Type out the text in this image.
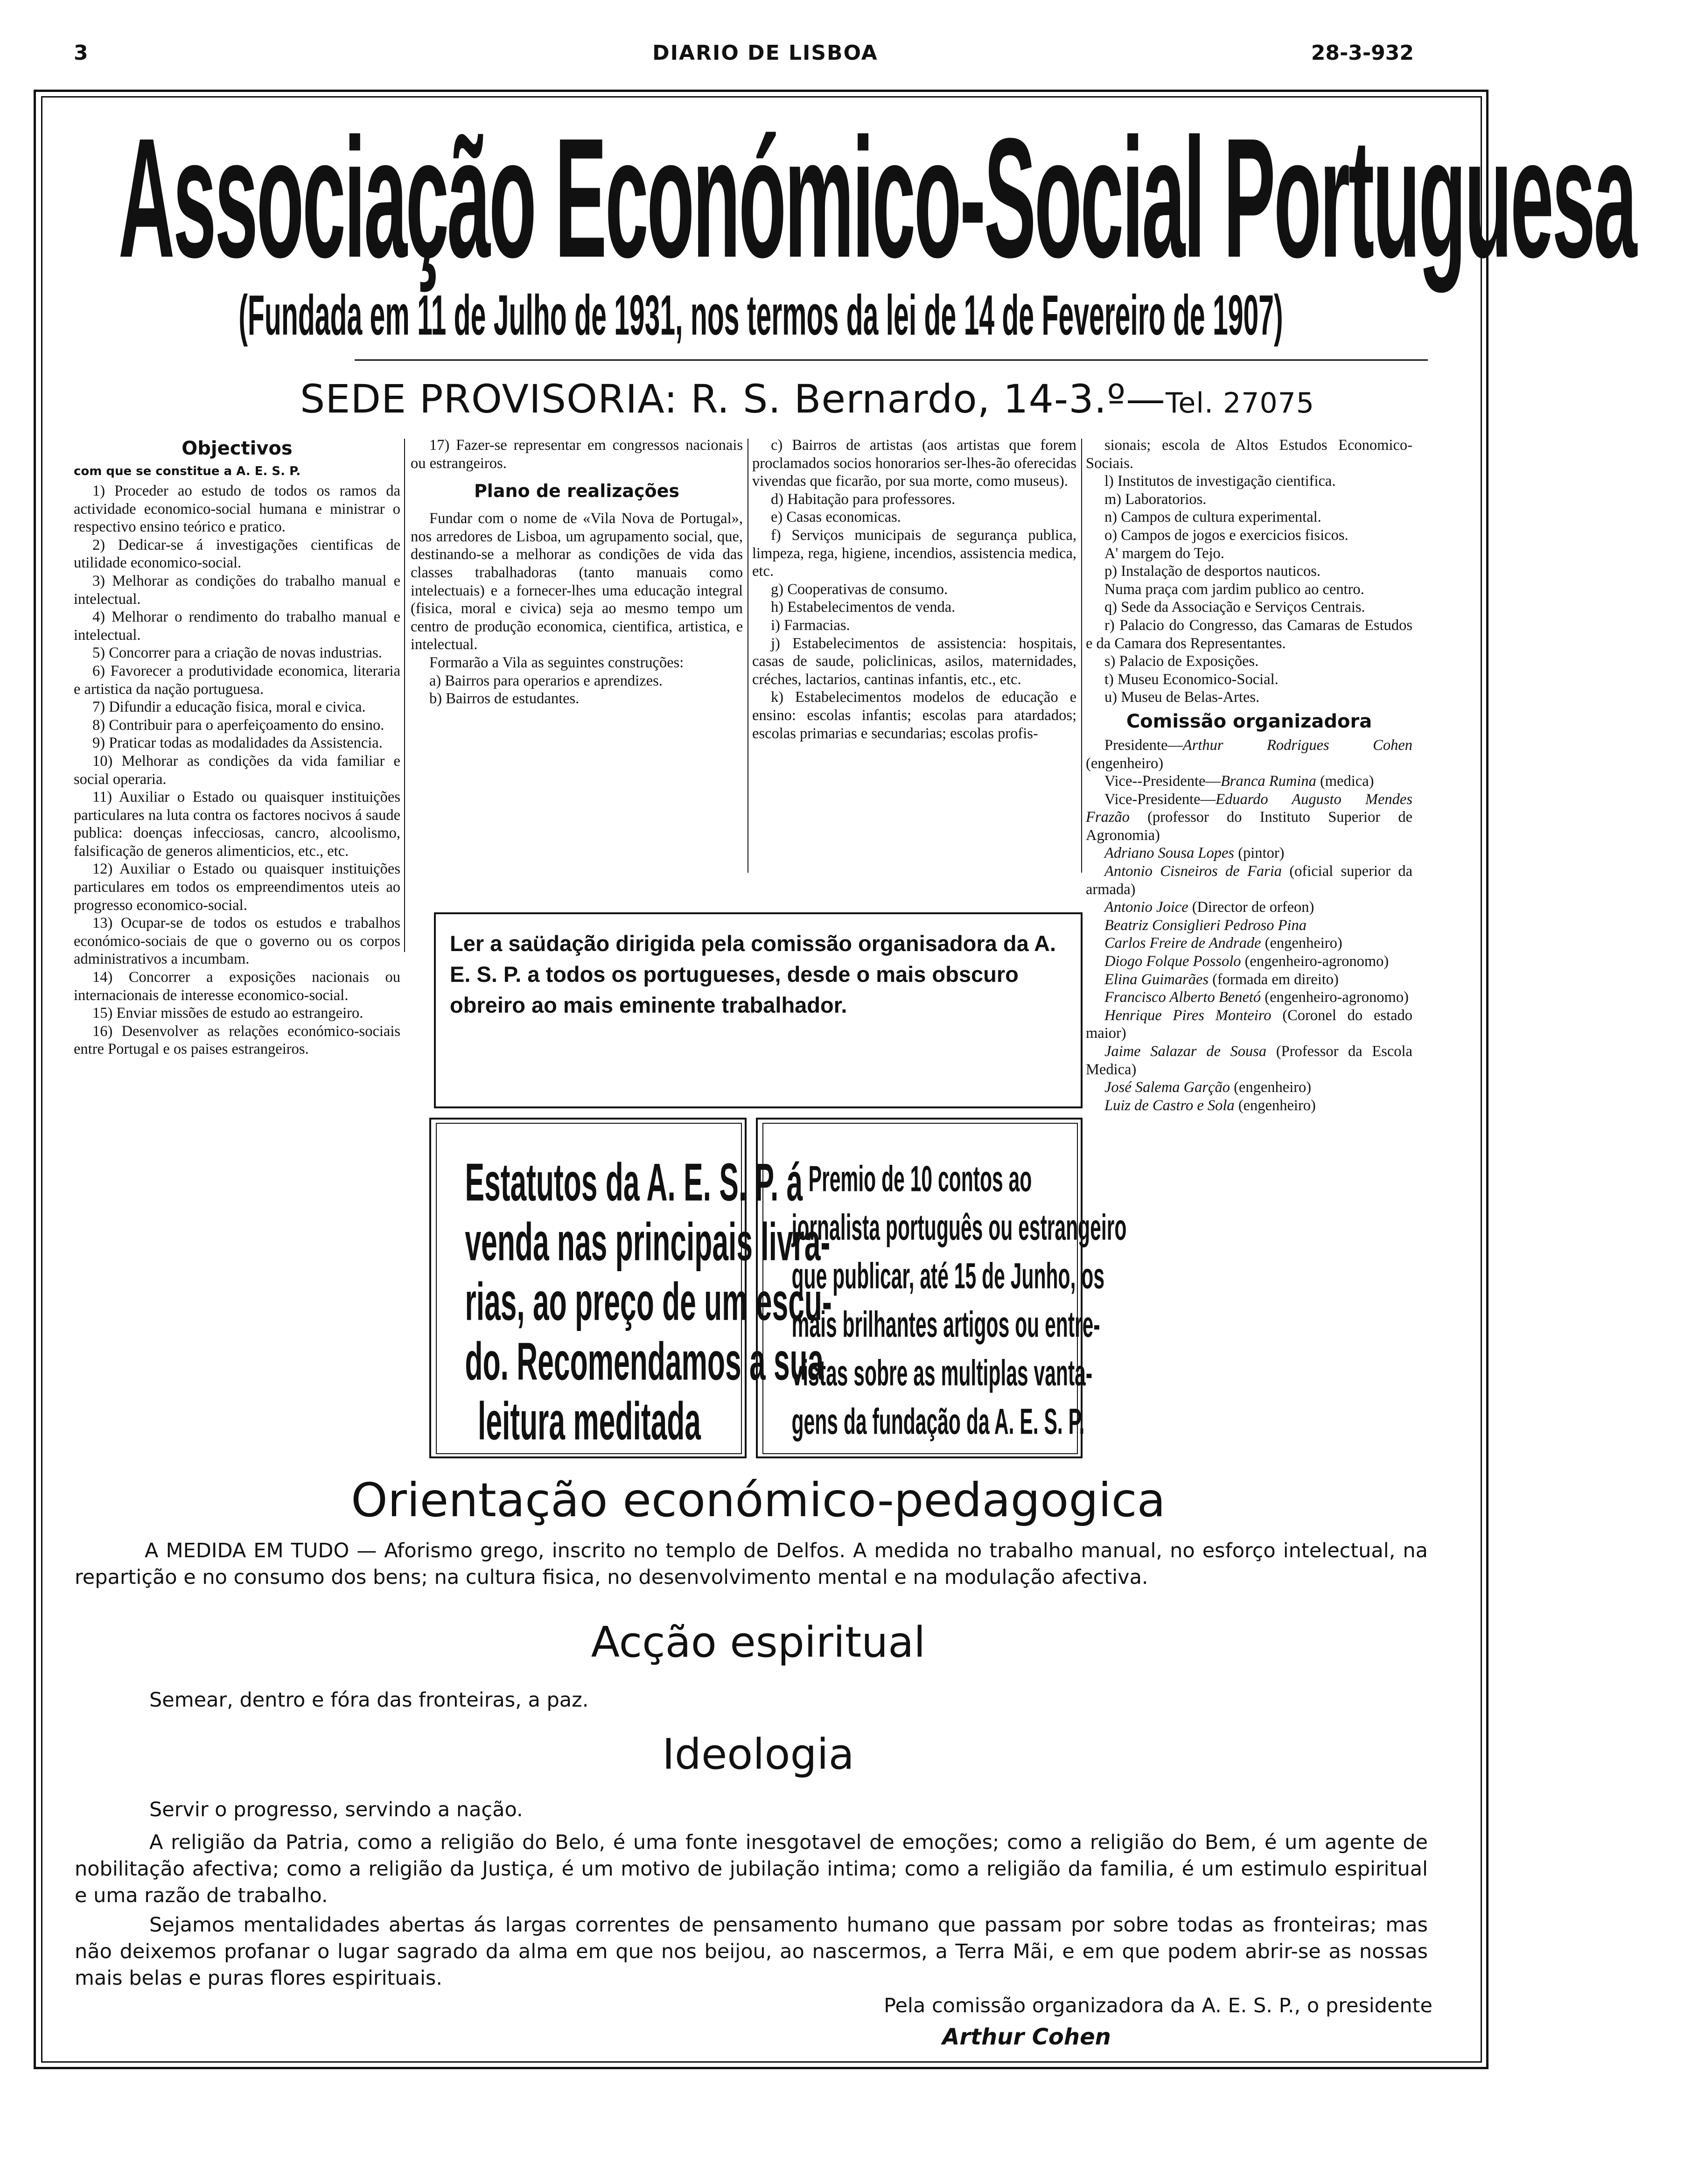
3	DIARIO DE LISBOA	28-3-932
Associação Económico-Social Portuguesa
(Fundada em 11 de Julho de 1931, nos termos da lei de 14 de Fevereiro de 1907)
SEDE PROVISORIA: R. S. Bernardo, 14-3.º—Tel. 27075

Objectivos

com que se constitue a A. E. S. P.

1) Proceder ao estudo de todos os ramos da actividade economico-social humana e ministrar o respectivo ensino teórico e pratico.

2) Dedicar-se á investigações cientificas de utilidade economico-social.

3) Melhorar as condições do trabalho manual e intelectual.

4) Melhorar o rendimento do trabalho manual e intelectual.

5) Concorrer para a criação de novas industrias.

6) Favorecer a produtividade economica, literaria e artistica da nação portuguesa.

7) Difundir a educação fisica, moral e civica.

8) Contribuir para o aperfeiçoamento do ensino.

9) Praticar todas as modalidades da Assistencia.

10) Melhorar as condições da vida familiar e social operaria.

11) Auxiliar o Estado ou quaisquer instituições particulares na luta contra os factores nocivos á saude publica: doenças infecciosas, cancro, alcoolismo, falsificação de generos alimenticios, etc., etc.

12) Auxiliar o Estado ou quaisquer instituições particulares em todos os empreendimentos uteis ao progresso economico-social.

13) Ocupar-se de todos os estudos e trabalhos económico-sociais de que o governo ou os corpos administrativos a incumbam.

14) Concorrer a exposições nacionais ou internacionais de interesse economico-social.

15) Enviar missões de estudo ao estrangeiro.

16) Desenvolver as relações económico-sociais entre Portugal e os paises estrangeiros.

17) Fazer-se representar em congressos nacionais ou estrangeiros.

Plano de realizações

Fundar com o nome de «Vila Nova de Portugal», nos arredores de Lisboa, um agrupamento social, que, destinando-se a melhorar as condições de vida das classes trabalhadoras (tanto manuais como intelectuais) e a fornecer-lhes uma educação integral (fisica, moral e civica) seja ao mesmo tempo um centro de produção economica, cientifica, artistica, e intelectual.

Formarão a Vila as seguintes construções:

a) Bairros para operarios e aprendizes.

b) Bairros de estudantes.

c) Bairros de artistas (aos artistas que forem proclamados socios honorarios ser-lhes-ão oferecidas vivendas que ficarão, por sua morte, como museus).

d) Habitação para professores.

e) Casas economicas.

f) Serviços municipais de segurança publica, limpeza, rega, higiene, incendios, assistencia medica, etc.

g) Cooperativas de consumo.

h) Estabelecimentos de venda.

i) Farmacias.

j) Estabelecimentos de assistencia: hospitais, casas de saude, policlinicas, asilos, maternidades, créches, lactarios, cantinas infantis, etc., etc.

k) Estabelecimentos modelos de educação e ensino: escolas infantis; escolas para atardados; escolas primarias e secundarias; escolas profis-

sionais; escola de Altos Estudos Economico-Sociais.

l) Institutos de investigação cientifica.

m) Laboratorios.

n) Campos de cultura experimental.

o) Campos de jogos e exercicios fisicos.

A' margem do Tejo.

p) Instalação de desportos nauticos.

Numa praça com jardim publico ao centro.

q) Sede da Associação e Serviços Centrais.

r) Palacio do Congresso, das Camaras de Estudos e da Camara dos Representantes.

s) Palacio de Exposições.

t) Museu Economico-Social.

u) Museu de Belas-Artes.

Comissão organizadora

Presidente—Arthur Rodrigues Cohen (engenheiro)

Vice--Presidente—Branca Rumina (medica)

Vice-Presidente—Eduardo Augusto Mendes Frazão (professor do Instituto Superior de Agronomia)

Adriano Sousa Lopes (pintor)

Antonio Cisneiros de Faria (oficial superior da armada)

Antonio Joice (Director de orfeon)

Beatriz Consiglieri Pedroso Pina

Carlos Freire de Andrade (engenheiro)

Diogo Folque Possolo (engenheiro-agronomo)

Elina Guimarães (formada em direito)

Francisco Alberto Benetó (engenheiro-agronomo)

Henrique Pires Monteiro (Coronel do estado maior)

Jaime Salazar de Sousa (Professor da Escola Medica)

José Salema Garção (engenheiro)

Luiz de Castro e Sola (engenheiro)

Ler a saüdação dirigida pela comissão organisadora da A. E. S. P. a todos os portugueses, desde o mais obscuro obreiro ao mais eminente trabalhador.
Estatutos da A. E. S. P. á
venda nas principais livra-
rias, ao preço de um escu-
do. Recomendamos a sua
leitura meditada
Premio de 10 contos ao
jornalista português ou estrangeiro
que publicar, até 15 de Junho, os
mais brilhantes artigos ou entre-
vistas sobre as multiplas vanta-
gens da fundação da A. E. S. P.
Orientação económico-pedagogica
A MEDIDA EM TUDO — Aforismo grego, inscrito no templo de Delfos. A medida no trabalho manual, no esforço intelectual, na repartição e no consumo dos bens; na cultura fisica, no desenvolvimento mental e na modulação afectiva.
Acção espiritual
Semear, dentro e fóra das fronteiras, a paz.
Ideologia
Servir o progresso, servindo a nação.
A religião da Patria, como a religião do Belo, é uma fonte inesgotavel de emoções; como a religião do Bem, é um agente de nobilitação afectiva; como a religião da Justiça, é um motivo de jubilação intima; como a religião da familia, é um estimulo espiritual e uma razão de trabalho.
Sejamos mentalidades abertas ás largas correntes de pensamento humano que passam por sobre todas as fronteiras; mas não deixemos profanar o lugar sagrado da alma em que nos beijou, ao nascermos, a Terra Mãi, e em que podem abrir-se as nossas mais belas e puras flores espirituais.
Pela comissão organizadora da A. E. S. P., o presidente
Arthur Cohen
